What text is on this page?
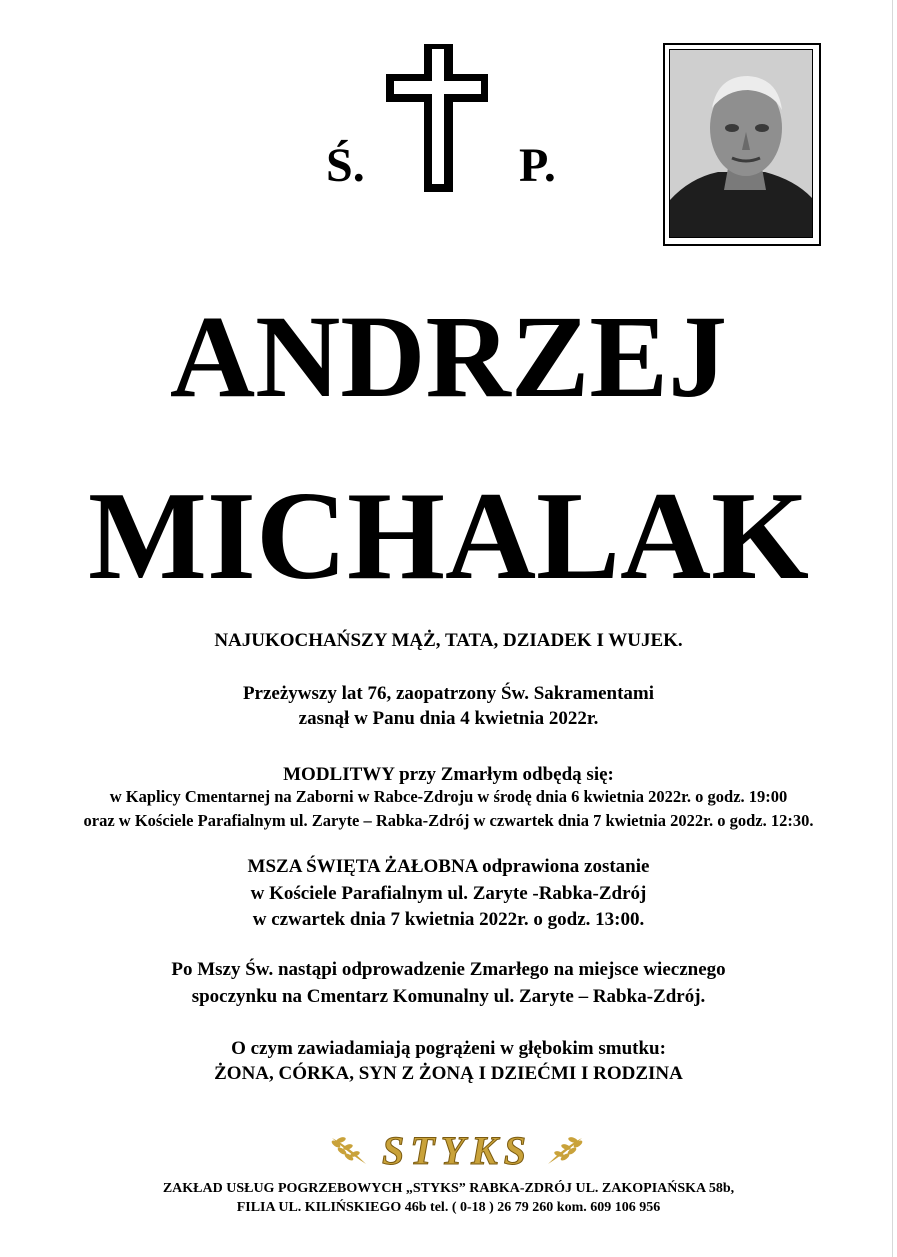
Ś.	P.
ANDRZEJ
MICHALAK
NAJUKOCHAŃSZY MĄŻ, TATA, DZIADEK I WUJEK.
Przeżywszy lat 76, zaopatrzony Św. Sakramentami
zasnął w Panu dnia 4 kwietnia 2022r.
MODLITWY przy Zmarłym odbędą się:
w Kaplicy Cmentarnej na Zaborni w Rabce-Zdroju w środę dnia 6 kwietnia 2022r. o godz. 19:00
oraz w Kościele Parafialnym ul. Zaryte – Rabka-Zdrój w czwartek dnia 7 kwietnia 2022r. o godz. 12:30.
MSZA ŚWIĘTA ŻAŁOBNA odprawiona zostanie
w Kościele Parafialnym ul. Zaryte -Rabka-Zdrój
w czwartek dnia 7 kwietnia 2022r. o godz. 13:00.
Po Mszy Św. nastąpi odprowadzenie Zmarłego na miejsce wiecznego
spoczynku na Cmentarz Komunalny ul. Zaryte – Rabka-Zdrój.
O czym zawiadamiają pogrążeni w głębokim smutku:
ŻONA, CÓRKA, SYN Z ŻONĄ I DZIEĆMI I RODZINA
STYKS
ZAKŁAD USŁUG POGRZEBOWYCH „STYKS” RABKA-ZDRÓJ UL. ZAKOPIAŃSKA 58b,
FILIA UL. KILIŃSKIEGO 46b tel. ( 0-18 ) 26 79 260 kom. 609 106 956
